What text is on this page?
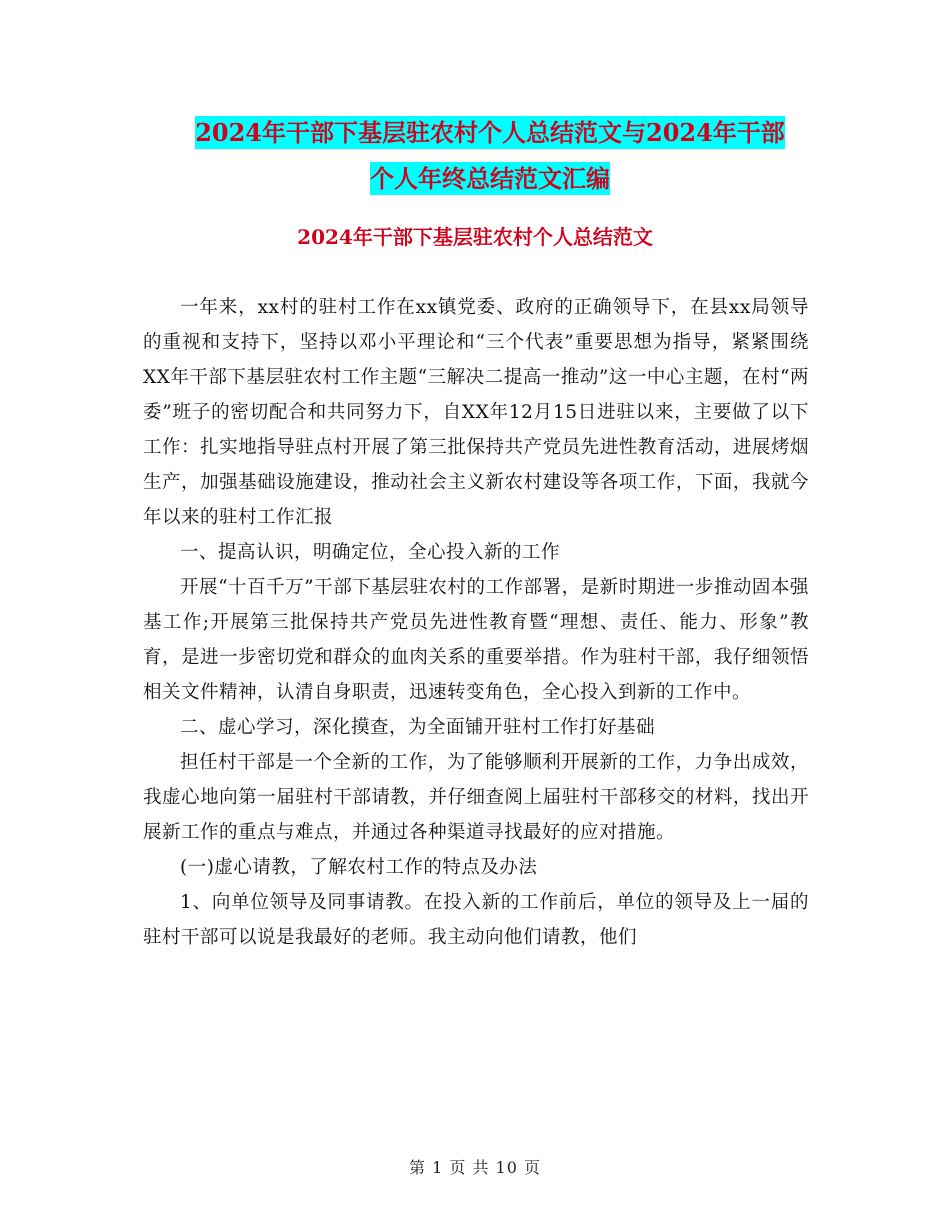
2024年干部下基层驻农村个人总结范文与2024年干部
个人年终总结范文汇编
2024年干部下基层驻农村个人总结范文

一年来，xx村的驻村工作在xx镇党委、政府的正确领导下，在县xx局领导的重视和支持下，坚持以邓小平理论和“三个代表”重要思想为指导，紧紧围绕XX年干部下基层驻农村工作主题“三解决二提高一推动”这一中心主题，在村“两委”班子的密切配合和共同努力下，自XX年12月15日进驻以来，主要做了以下工作：扎实地指导驻点村开展了第三批保持共产党员先进性教育活动，进展烤烟生产，加强基础设施建设，推动社会主义新农村建设等各项工作，下面，我就今年以来的驻村工作汇报

一、提高认识，明确定位，全心投入新的工作

开展“十百千万”干部下基层驻农村的工作部署，是新时期进一步推动固本强基工作;开展第三批保持共产党员先进性教育暨“理想、责任、能力、形象”教育，是进一步密切党和群众的血肉关系的重要举措。作为驻村干部，我仔细领悟相关文件精神，认清自身职责，迅速转变角色，全心投入到新的工作中。

二、虚心学习，深化摸查，为全面铺开驻村工作打好基础

担任村干部是一个全新的工作，为了能够顺利开展新的工作，力争出成效，我虚心地向第一届驻村干部请教，并仔细查阅上届驻村干部移交的材料，找出开展新工作的重点与难点，并通过各种渠道寻找最好的应对措施。

(一)虚心请教，了解农村工作的特点及办法

1、向单位领导及同事请教。在投入新的工作前后，单位的领导及上一届的驻村干部可以说是我最好的老师。我主动向他们请教，他们

第 1 页 共 10 页
